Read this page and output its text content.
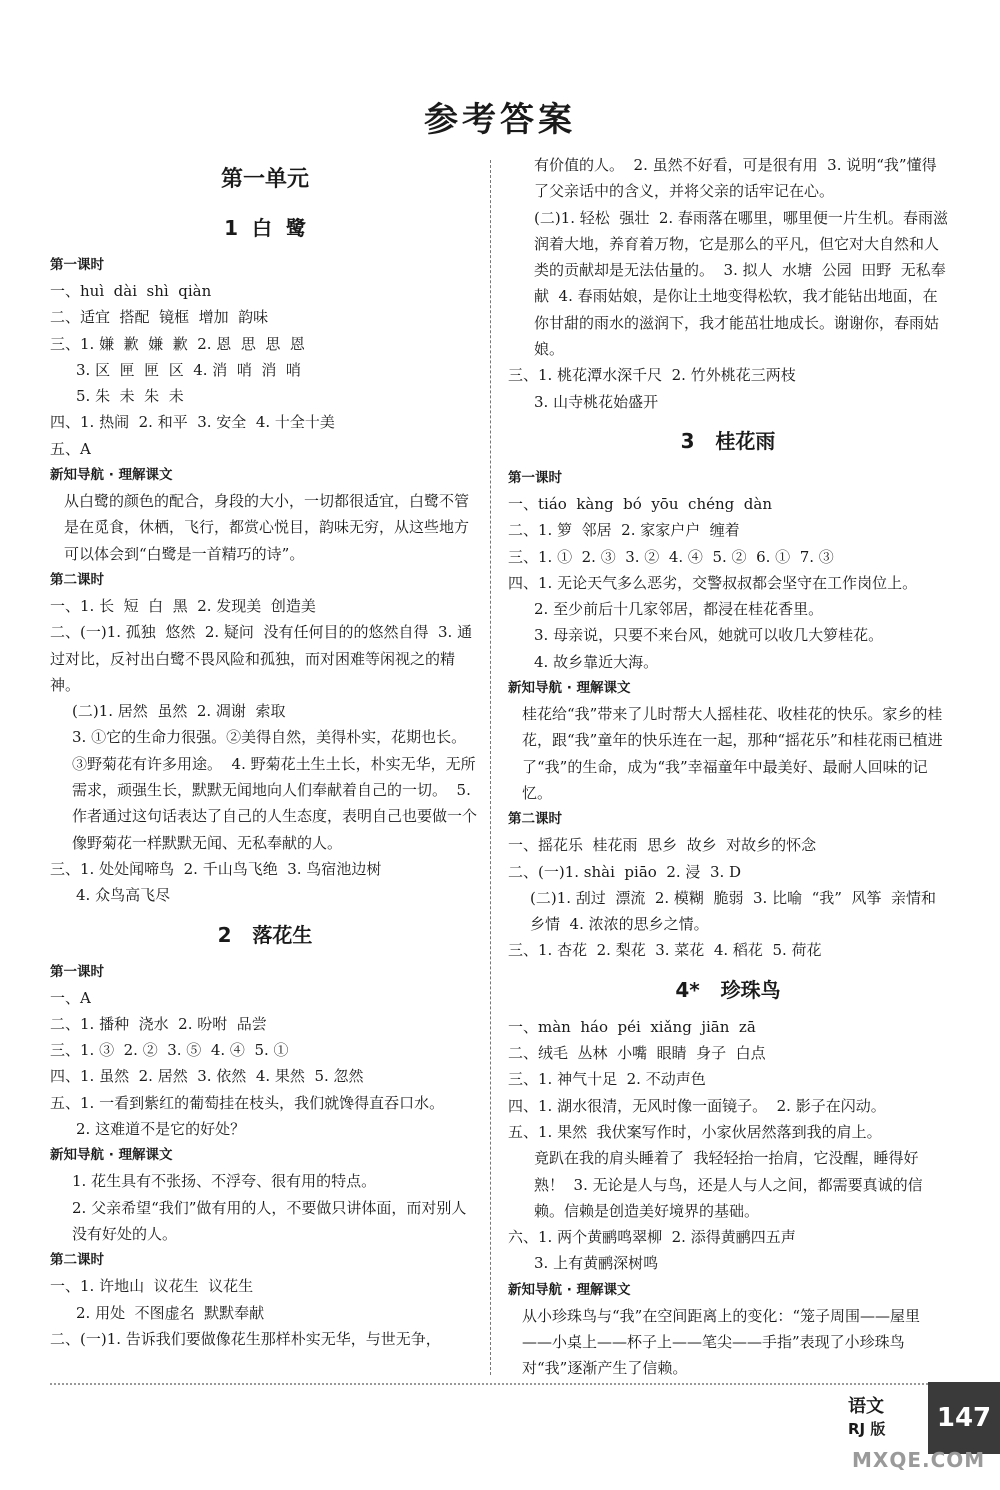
参考答案
第一单元
1  白  鹭
第一课时
一、huì  dài  shì  qiàn
二、适宜  搭配  镜框  增加  韵味
三、1. 嫌  歉  嫌  歉  2. 恩  思  思  恩
3. 区  匣  匣  区  4. 消  哨  消  哨
5. 朱  未  朱  未
四、1. 热闹  2. 和平  3. 安全  4. 十全十美
五、A
新知导航 · 理解课文
从白鹭的颜色的配合，身段的大小，一切都很适宜，白鹭不管是在觅食，休栖，飞行，都赏心悦目，韵味无穷，从这些地方可以体会到“白鹭是一首精巧的诗”。
第二课时
一、1. 长  短  白  黑  2. 发现美  创造美
二、(一)1. 孤独  悠然  2. 疑问  没有任何目的的悠然自得  3. 通过对比，反衬出白鹭不畏风险和孤独，而对困难等闲视之的精神。
(二)1. 居然  虽然  2. 凋谢  索取
3. ①它的生命力很强。②美得自然，美得朴实，花期也长。③野菊花有许多用途。  4. 野菊花土生土长，朴实无华，无所需求，顽强生长，默默无闻地向人们奉献着自己的一切。  5. 作者通过这句话表达了自己的人生态度，表明自己也要做一个像野菊花一样默默无闻、无私奉献的人。
三、1. 处处闻啼鸟  2. 千山鸟飞绝  3. 鸟宿池边树
4. 众鸟高飞尽
2   落花生
第一课时
一、A
二、1. 播种  浇水  2. 吩咐  品尝
三、1. ③  2. ②  3. ⑤  4. ④  5. ①
四、1. 虽然  2. 居然  3. 依然  4. 果然  5. 忽然
五、1. 一看到紫红的葡萄挂在枝头，我们就馋得直吞口水。
2. 这难道不是它的好处？
新知导航 · 理解课文
1. 花生具有不张扬、不浮夸、很有用的特点。
2. 父亲希望“我们”做有用的人，不要做只讲体面，而对别人没有好处的人。
第二课时
一、1. 许地山  议花生  议花生
2. 用处  不图虚名  默默奉献
二、(一)1. 告诉我们要做像花生那样朴实无华，与世无争，
有价值的人。  2. 虽然不好看，可是很有用  3. 说明“我”懂得了父亲话中的含义，并将父亲的话牢记在心。
(二)1. 轻松  强壮  2. 春雨落在哪里，哪里便一片生机。春雨滋润着大地，养育着万物，它是那么的平凡，但它对大自然和人类的贡献却是无法估量的。  3. 拟人  水塘  公园  田野  无私奉献  4. 春雨姑娘，是你让土地变得松软，我才能钻出地面，在你甘甜的雨水的滋润下，我才能茁壮地成长。谢谢你，春雨姑娘。
三、1. 桃花潭水深千尺  2. 竹外桃花三两枝
3. 山寺桃花始盛开
3   桂花雨
第一课时
一、tiáo  kàng  bó  yōu  chéng  dàn
二、1. 箩  邻居  2. 家家户户  缠着
三、1. ①  2. ③  3. ②  4. ④  5. ②  6. ①  7. ③
四、1. 无论天气多么恶劣，交警叔叔都会坚守在工作岗位上。
2. 至少前后十几家邻居，都浸在桂花香里。
3. 母亲说，只要不来台风，她就可以收几大箩桂花。
4. 故乡靠近大海。
新知导航 · 理解课文
桂花给“我”带来了儿时帮大人摇桂花、收桂花的快乐。家乡的桂花，跟“我”童年的快乐连在一起，那种“摇花乐”和桂花雨已植进了“我”的生命，成为“我”幸福童年中最美好、最耐人回味的记忆。
第二课时
一、摇花乐  桂花雨  思乡  故乡  对故乡的怀念
二、(一)1. shài  piāo  2. 浸  3. D
(二)1. 刮过  漂流  2. 模糊  脆弱  3. 比喻  “我”  风筝  亲情和乡情  4. 浓浓的思乡之情。
三、1. 杏花  2. 梨花  3. 菜花  4. 稻花  5. 荷花
4*   珍珠鸟
一、màn  háo  péi  xiǎng  jiān  zā
二、绒毛  丛林  小嘴  眼睛  身子  白点
三、1. 神气十足  2. 不动声色
四、1. 湖水很清，无风时像一面镜子。  2. 影子在闪动。
五、1. 果然  我伏案写作时，小家伙居然落到我的肩上。
竟趴在我的肩头睡着了  我轻轻抬一抬肩，它没醒，睡得好熟！  3. 无论是人与鸟，还是人与人之间，都需要真诚的信赖。信赖是创造美好境界的基础。
六、1. 两个黄鹂鸣翠柳  2. 添得黄鹂四五声
3. 上有黄鹂深树鸣
新知导航 · 理解课文
从小珍珠鸟与“我”在空间距离上的变化：“笼子周围——屋里——小桌上——杯子上——笔尖——手指”表现了小珍珠鸟对“我”逐渐产生了信赖。
语文
RJ 版	147
MXQE.COM
